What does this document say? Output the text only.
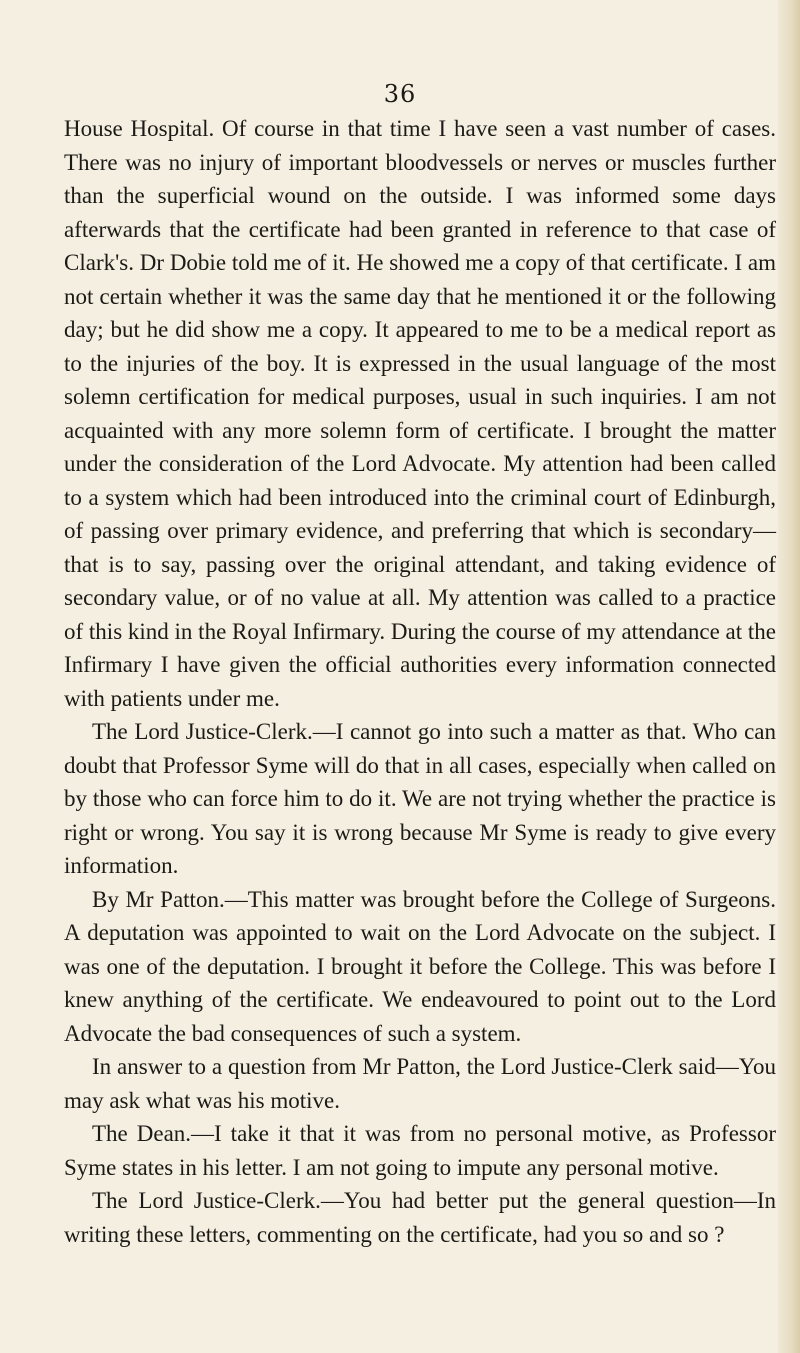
36

House Hospital. Of course in that time I have seen a vast number of cases. There was no injury of important bloodvessels or nerves or muscles further than the superficial wound on the outside. I was informed some days afterwards that the certificate had been granted in reference to that case of Clark's. Dr Dobie told me of it. He showed me a copy of that certificate. I am not certain whether it was the same day that he mentioned it or the following day; but he did show me a copy. It appeared to me to be a medical report as to the injuries of the boy. It is expressed in the usual language of the most solemn certification for medical purposes, usual in such inquiries. I am not acquainted with any more solemn form of certificate. I brought the matter under the consideration of the Lord Advocate. My attention had been called to a system which had been introduced into the criminal court of Edinburgh, of passing over primary evidence, and preferring that which is secondary—that is to say, passing over the original attendant, and taking evidence of secondary value, or of no value at all. My attention was called to a practice of this kind in the Royal Infirmary. During the course of my attendance at the Infirmary I have given the official authorities every information connected with patients under me.

The Lord Justice-Clerk.—I cannot go into such a matter as that. Who can doubt that Professor Syme will do that in all cases, especially when called on by those who can force him to do it. We are not trying whether the practice is right or wrong. You say it is wrong because Mr Syme is ready to give every information.

By Mr Patton.—This matter was brought before the College of Surgeons. A deputation was appointed to wait on the Lord Advocate on the subject. I was one of the deputation. I brought it before the College. This was before I knew anything of the certificate. We endeavoured to point out to the Lord Advocate the bad consequences of such a system.

In answer to a question from Mr Patton, the Lord Justice-Clerk said—You may ask what was his motive.

The Dean.—I take it that it was from no personal motive, as Professor Syme states in his letter. I am not going to impute any personal motive.

The Lord Justice-Clerk.—You had better put the general question—In writing these letters, commenting on the certificate, had you so and so ?
